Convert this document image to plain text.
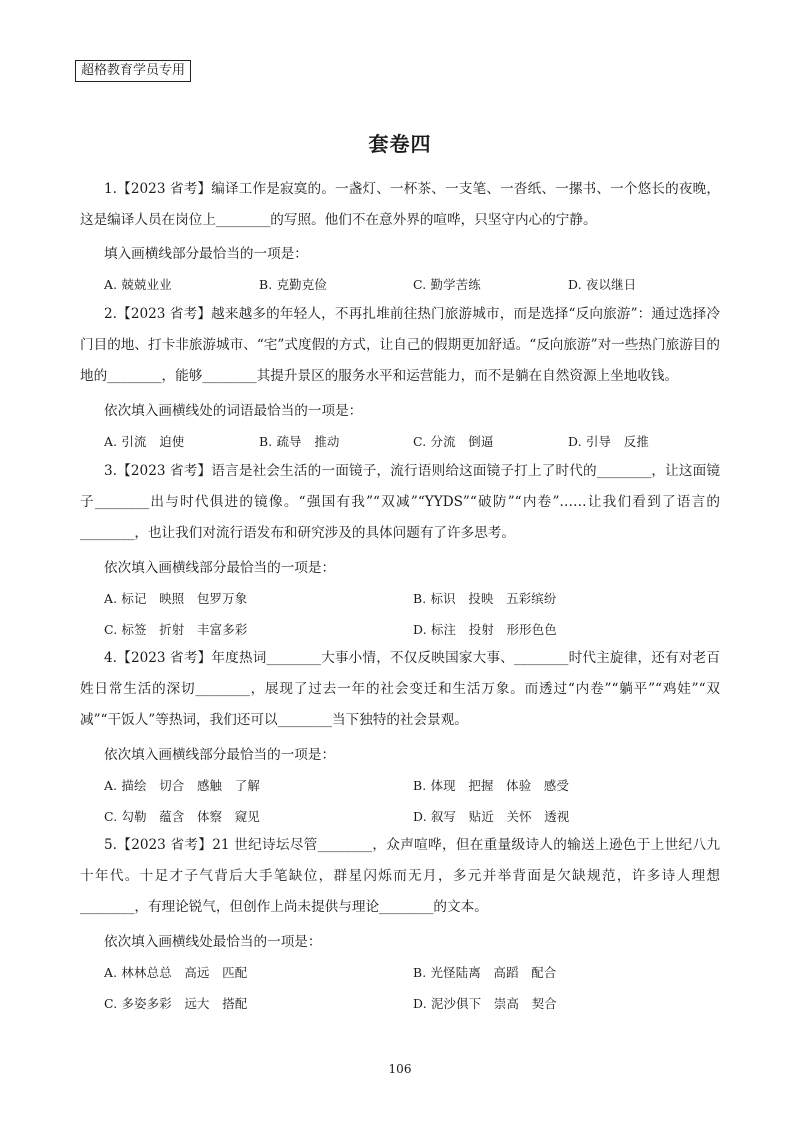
超格教育学员专用
套卷四
1.【2023 省考】编译工作是寂寞的。一盏灯、一杯茶、一支笔、一沓纸、一摞书、一个悠长的夜晚，这是编译人员在岗位上________的写照。他们不在意外界的喧哗，只坚守内心的宁静。
填入画横线部分最恰当的一项是：
A. 兢兢业业	B. 克勤克俭	C. 勤学苦练	D. 夜以继日
2.【2023 省考】越来越多的年轻人，不再扎堆前往热门旅游城市，而是选择“反向旅游”：通过选择冷门目的地、打卡非旅游城市、“宅”式度假的方式，让自己的假期更加舒适。“反向旅游”对一些热门旅游目的地的________，能够________其提升景区的服务水平和运营能力，而不是躺在自然资源上坐地收钱。
依次填入画横线处的词语最恰当的一项是：
A. 引流　迫使	B. 疏导　推动	C. 分流　倒逼	D. 引导　反推
3.【2023 省考】语言是社会生活的一面镜子，流行语则给这面镜子打上了时代的________，让这面镜子________出与时代俱进的镜像。“强国有我”“双减”“YYDS”“破防”“内卷”……让我们看到了语言的________，也让我们对流行语发布和研究涉及的具体问题有了许多思考。
依次填入画横线部分最恰当的一项是：
A. 标记　映照　包罗万象	B. 标识　投映　五彩缤纷
C. 标签　折射　丰富多彩	D. 标注　投射　形形色色
4.【2023 省考】年度热词________大事小情，不仅反映国家大事、________时代主旋律，还有对老百姓日常生活的深切________，展现了过去一年的社会变迁和生活万象。而透过“内卷”“躺平”“鸡娃”“双减”“干饭人”等热词，我们还可以________当下独特的社会景观。
依次填入画横线部分最恰当的一项是：
A. 描绘　切合　感触　了解	B. 体现　把握　体验　感受
C. 勾勒　蕴含　体察　窥见	D. 叙写　贴近　关怀　透视
5.【2023 省考】21 世纪诗坛尽管________，众声喧哗，但在重量级诗人的输送上逊色于上世纪八九十年代。十足才子气背后大手笔缺位，群星闪烁而无月，多元并举背面是欠缺规范，许多诗人理想________，有理论锐气，但创作上尚未提供与理论________的文本。
依次填入画横线处最恰当的一项是：
A. 林林总总　高远　匹配	B. 光怪陆离　高蹈　配合
C. 多姿多彩　远大　搭配	D. 泥沙俱下　崇高　契合
106
